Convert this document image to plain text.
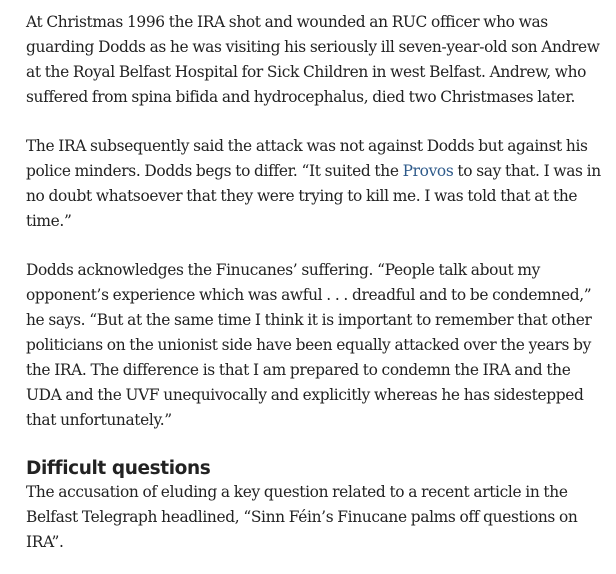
At Christmas 1996 the IRA shot and wounded an RUC officer who was guarding Dodds as he was visiting his seriously ill seven-year-old son Andrew at the Royal Belfast Hospital for Sick Children in west Belfast. Andrew, who suffered from spina bifida and hydrocephalus, died two Christmases later.

The IRA subsequently said the attack was not against Dodds but against his police minders. Dodds begs to differ. “It suited the Provos to say that. I was in no doubt whatsoever that they were trying to kill me. I was told that at the time.”

Dodds acknowledges the Finucanes’ suffering. “People talk about my opponent’s experience which was awful . . . dreadful and to be condemned,” he says. “But at the same time I think it is important to remember that other politicians on the unionist side have been equally attacked over the years by the IRA. The difference is that I am prepared to condemn the IRA and the UDA and the UVF unequivocally and explicitly whereas he has sidestepped that unfortunately.”

Difficult questions

The accusation of eluding a key question related to a recent article in the Belfast Telegraph headlined, “Sinn Féin’s Finucane palms off questions on IRA”.
